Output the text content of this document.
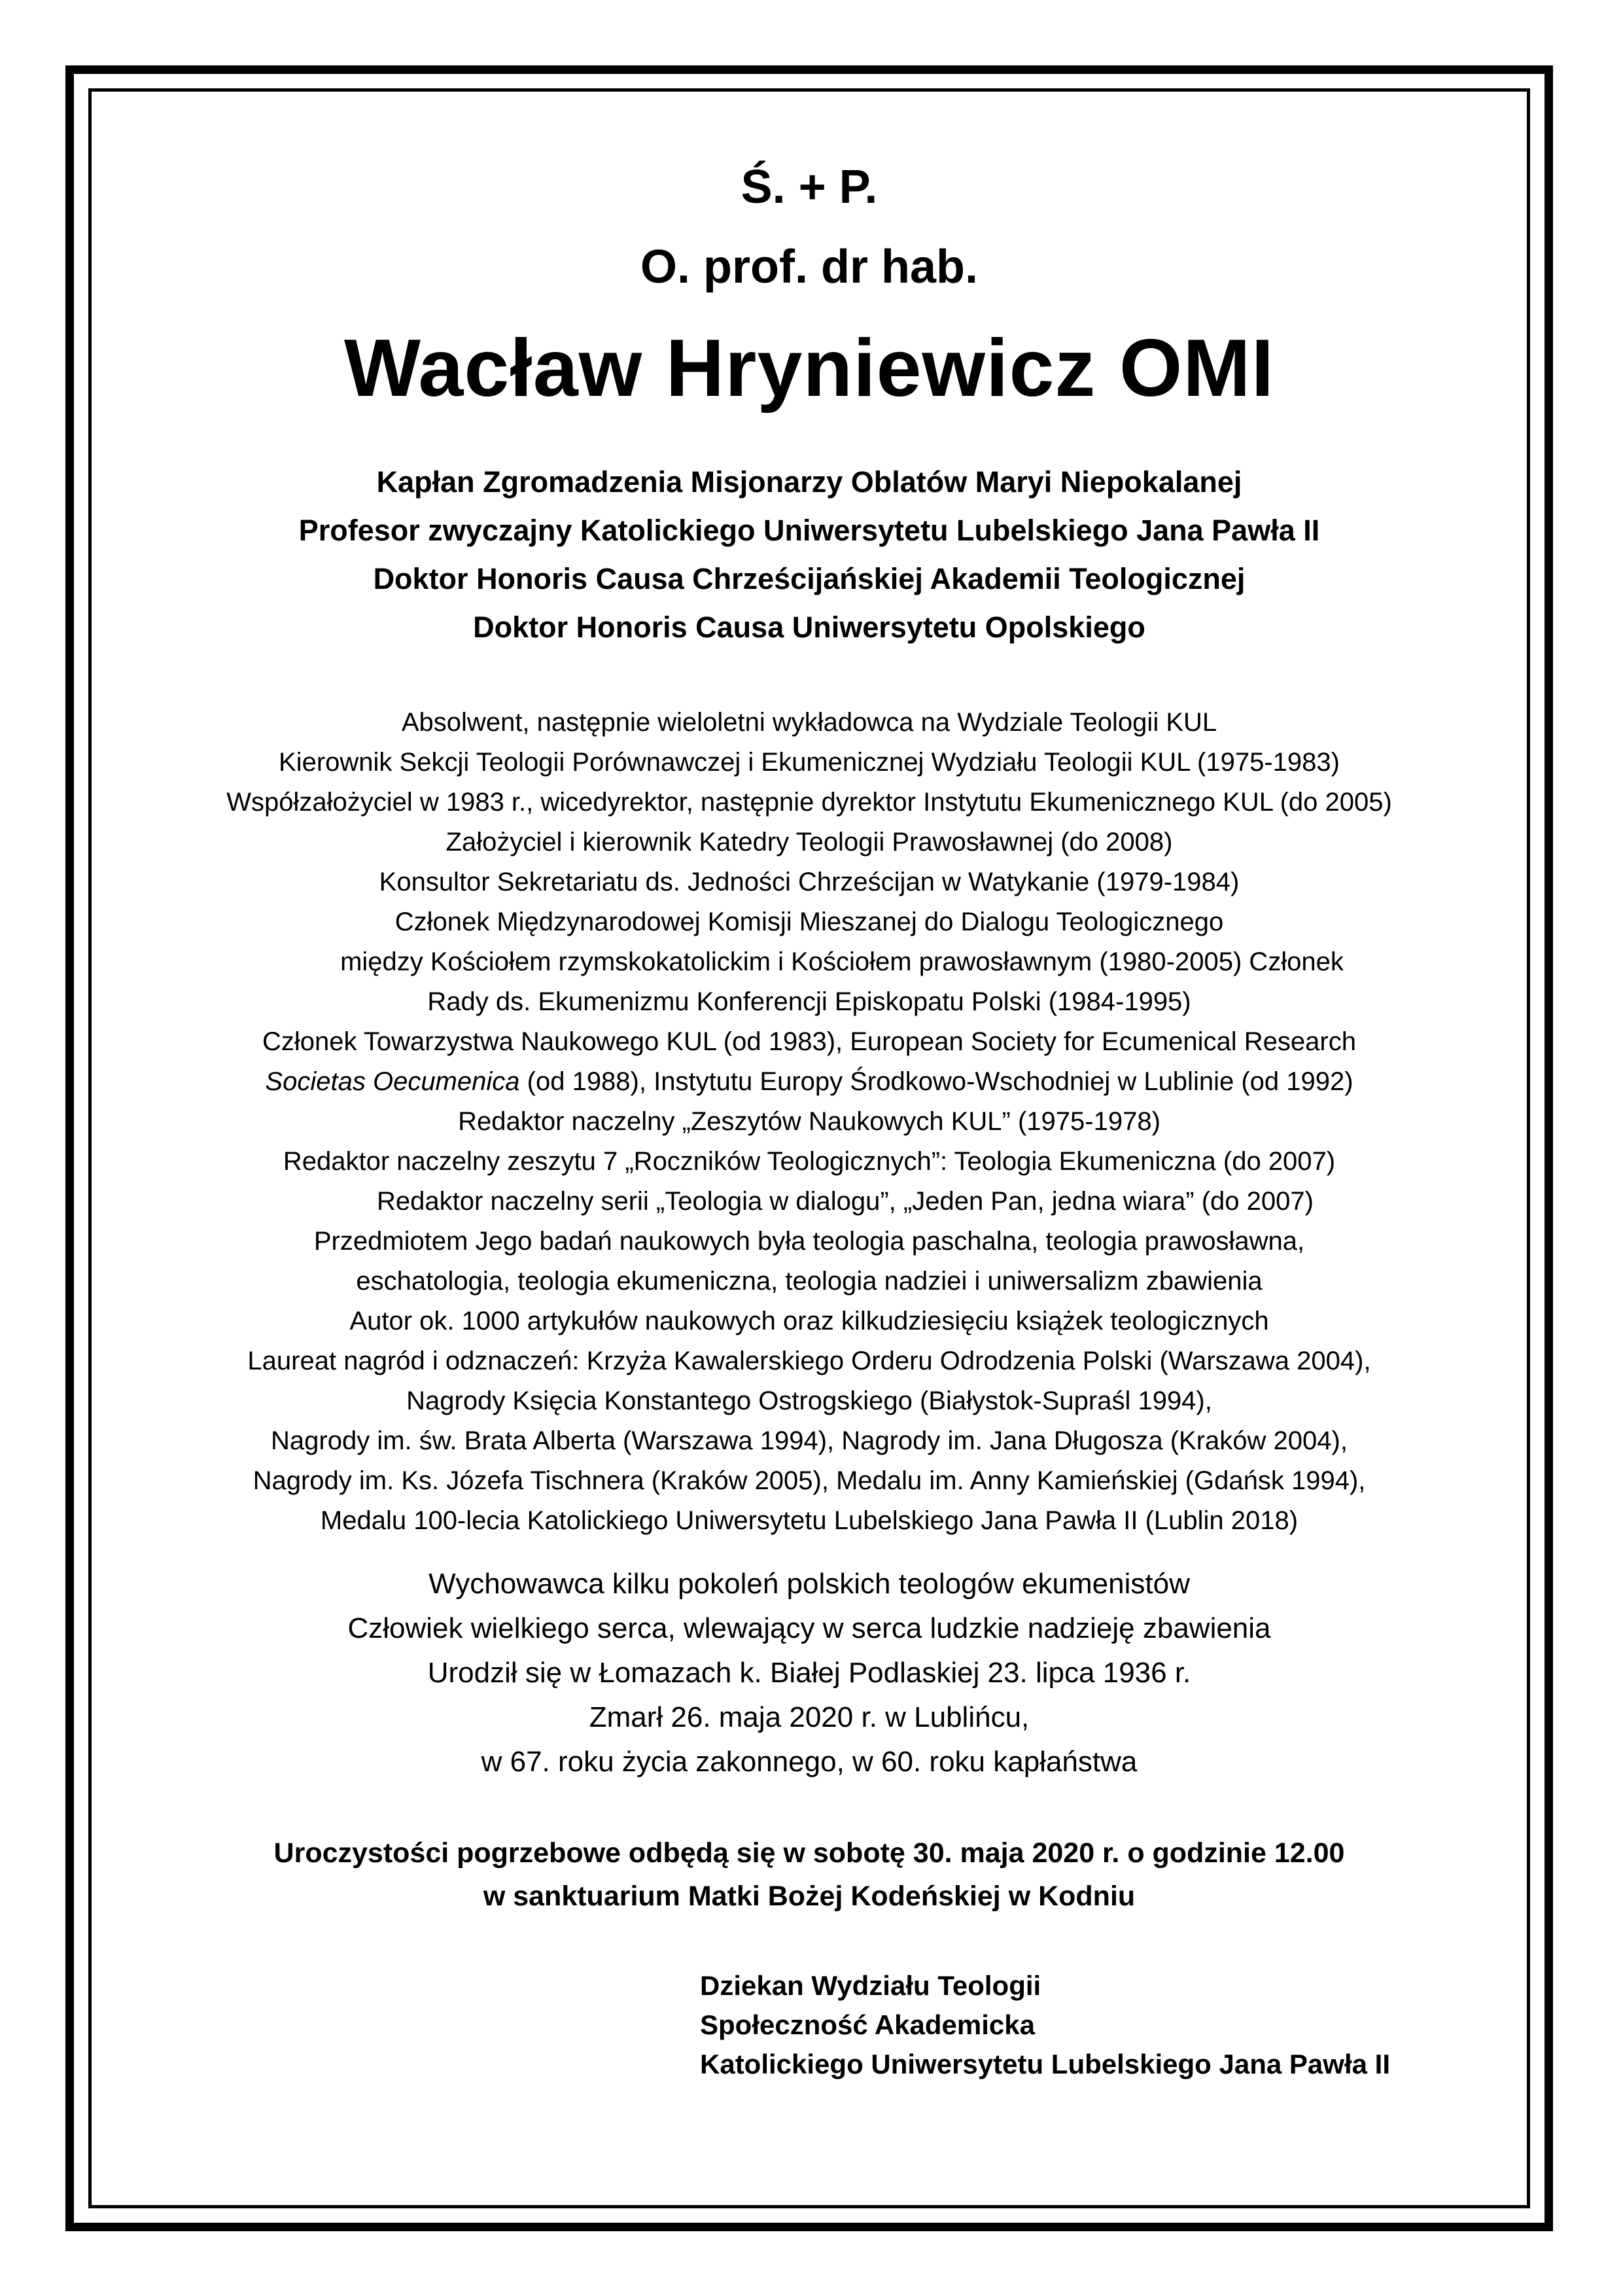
Ś. + P.
O. prof. dr hab.
Wacław Hryniewicz OMI
Kapłan Zgromadzenia Misjonarzy Oblatów Maryi Niepokalanej
Profesor zwyczajny Katolickiego Uniwersytetu Lubelskiego Jana Pawła II
Doktor Honoris Causa Chrześcijańskiej Akademii Teologicznej
Doktor Honoris Causa Uniwersytetu Opolskiego
Absolwent, następnie wieloletni wykładowca na Wydziale Teologii KUL
Kierownik Sekcji Teologii Porównawczej i Ekumenicznej Wydziału Teologii KUL (1975-1983)
Współzałożyciel w 1983 r., wicedyrektor, następnie dyrektor Instytutu Ekumenicznego KUL (do 2005)
Założyciel i kierownik Katedry Teologii Prawosławnej (do 2008)
Konsultor Sekretariatu ds. Jedności Chrześcijan w Watykanie (1979-1984)
Członek Międzynarodowej Komisji Mieszanej do Dialogu Teologicznego
między Kościołem rzymskokatolickim i Kościołem prawosławnym (1980-2005) Członek
Rady ds. Ekumenizmu Konferencji Episkopatu Polski (1984-1995)
Członek Towarzystwa Naukowego KUL (od 1983), European Society for Ecumenical Research
Societas Oecumenica (od 1988), Instytutu Europy Środkowo-Wschodniej w Lublinie (od 1992)
Redaktor naczelny „Zeszytów Naukowych KUL” (1975-1978)
Redaktor naczelny zeszytu 7 „Roczników Teologicznych”: Teologia Ekumeniczna (do 2007)
Redaktor naczelny serii „Teologia w dialogu”, „Jeden Pan, jedna wiara” (do 2007)
Przedmiotem Jego badań naukowych była teologia paschalna, teologia prawosławna,
eschatologia, teologia ekumeniczna, teologia nadziei i uniwersalizm zbawienia
Autor ok. 1000 artykułów naukowych oraz kilkudziesięciu książek teologicznych
Laureat nagród i odznaczeń: Krzyża Kawalerskiego Orderu Odrodzenia Polski (Warszawa 2004),
Nagrody Księcia Konstantego Ostrogskiego (Białystok-Supraśl 1994),
Nagrody im. św. Brata Alberta (Warszawa 1994), Nagrody im. Jana Długosza (Kraków 2004),
Nagrody im. Ks. Józefa Tischnera (Kraków 2005), Medalu im. Anny Kamieńskiej (Gdańsk 1994),
Medalu 100-lecia Katolickiego Uniwersytetu Lubelskiego Jana Pawła II (Lublin 2018)
Wychowawca kilku pokoleń polskich teologów ekumenistów
Człowiek wielkiego serca, wlewający w serca ludzkie nadzieję zbawienia
Urodził się w Łomazach k. Białej Podlaskiej 23. lipca 1936 r.
Zmarł 26. maja 2020 r. w Lublińcu,
w 67. roku życia zakonnego, w 60. roku kapłaństwa
Uroczystości pogrzebowe odbędą się w sobotę 30. maja 2020 r. o godzinie 12.00
w sanktuarium Matki Bożej Kodeńskiej w Kodniu
Dziekan Wydziału Teologii
Społeczność Akademicka
Katolickiego Uniwersytetu Lubelskiego Jana Pawła II
